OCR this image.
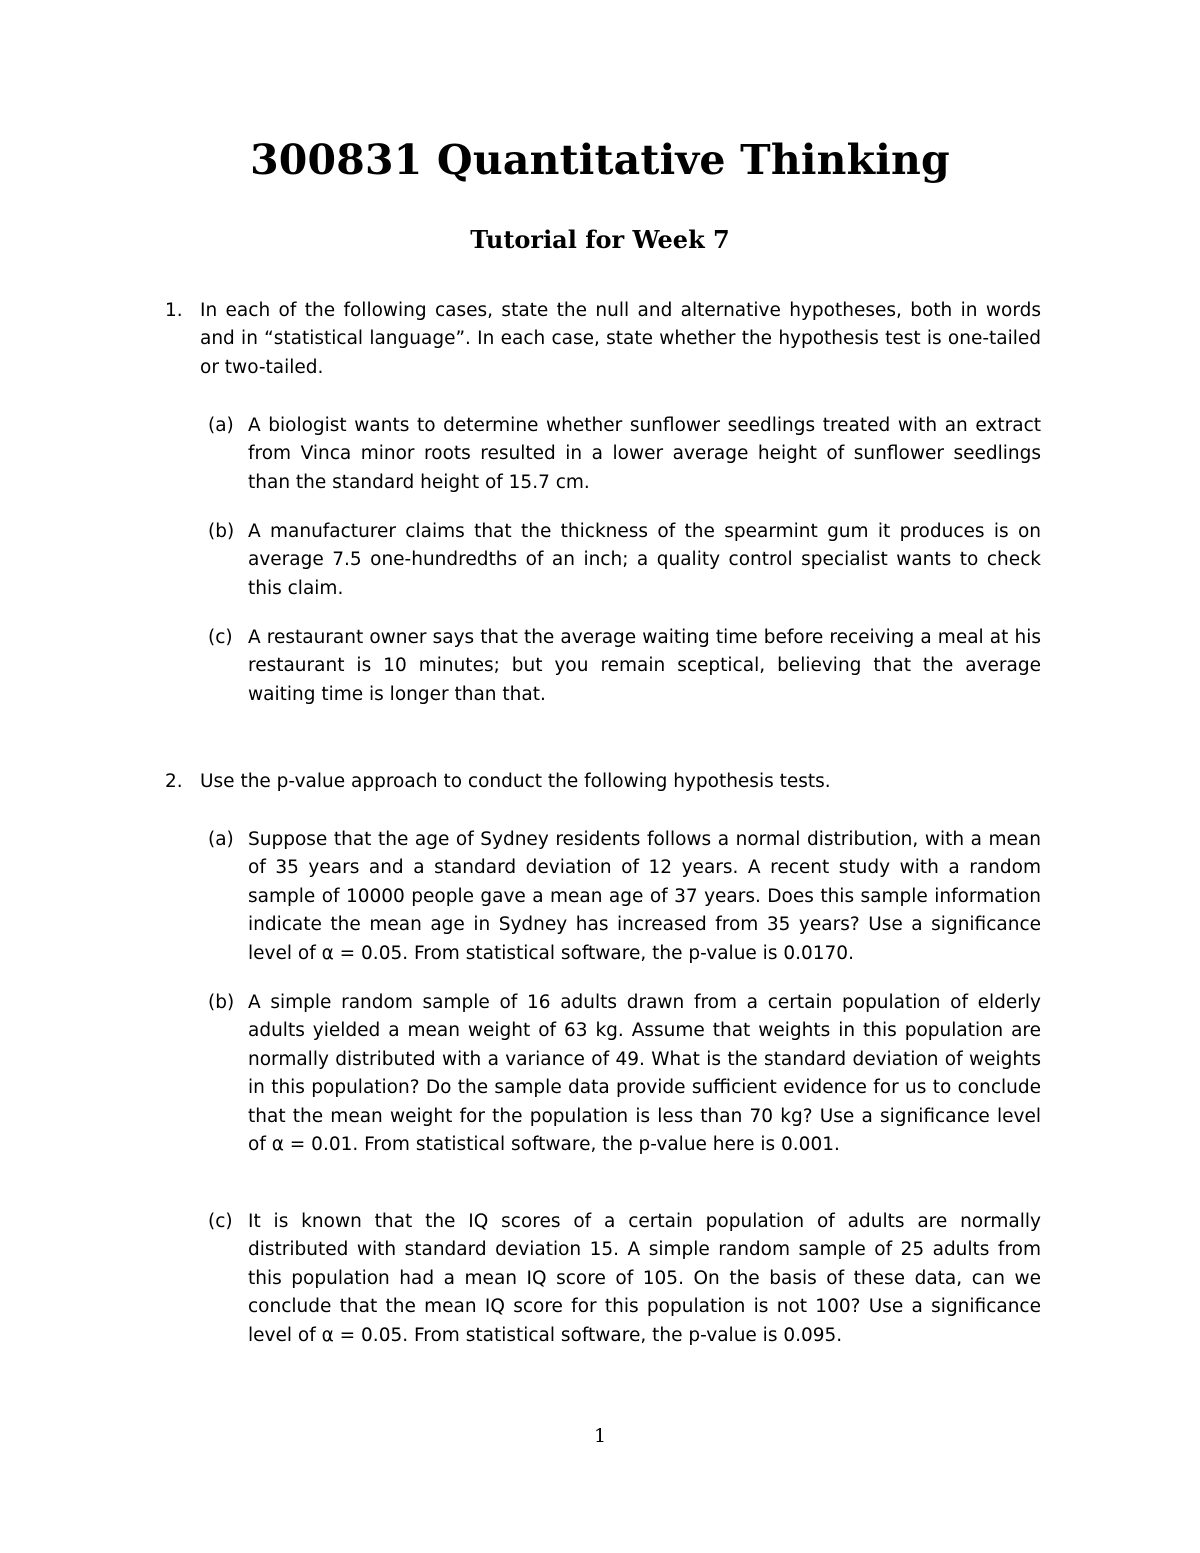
300831 Quantitative Thinking
Tutorial for Week 7
1. In each of the following cases, state the null and alternative hypotheses, both in words and in “statistical language”. In each case, state whether the hypothesis test is one-tailed or two-tailed.
(a) A biologist wants to determine whether sunflower seedlings treated with an extract from Vinca minor roots resulted in a lower average height of sunflower seedlings than the standard height of 15.7 cm.
(b) A manufacturer claims that the thickness of the spearmint gum it produces is on average 7.5 one-hundredths of an inch; a quality control specialist wants to check this claim.
(c) A restaurant owner says that the average waiting time before receiving a meal at his restaurant is 10 minutes; but you remain sceptical, believing that the average waiting time is longer than that.
2. Use the p-value approach to conduct the following hypothesis tests.
(a) Suppose that the age of Sydney residents follows a normal distribution, with a mean of 35 years and a standard deviation of 12 years. A recent study with a random sample of 10000 people gave a mean age of 37 years. Does this sample information indicate the mean age in Sydney has increased from 35 years? Use a significance level of α = 0.05. From statistical software, the p-value is 0.0170.
(b) A simple random sample of 16 adults drawn from a certain population of elderly adults yielded a mean weight of 63 kg. Assume that weights in this population are normally distributed with a variance of 49. What is the standard deviation of weights in this population? Do the sample data provide sufficient evidence for us to conclude that the mean weight for the population is less than 70 kg? Use a significance level of α = 0.01. From statistical software, the p-value here is 0.001.
(c) It is known that the IQ scores of a certain population of adults are normally distributed with standard deviation 15. A simple random sample of 25 adults from this population had a mean IQ score of 105. On the basis of these data, can we conclude that the mean IQ score for this population is not 100? Use a significance level of α = 0.05. From statistical software, the p-value is 0.095.
1
